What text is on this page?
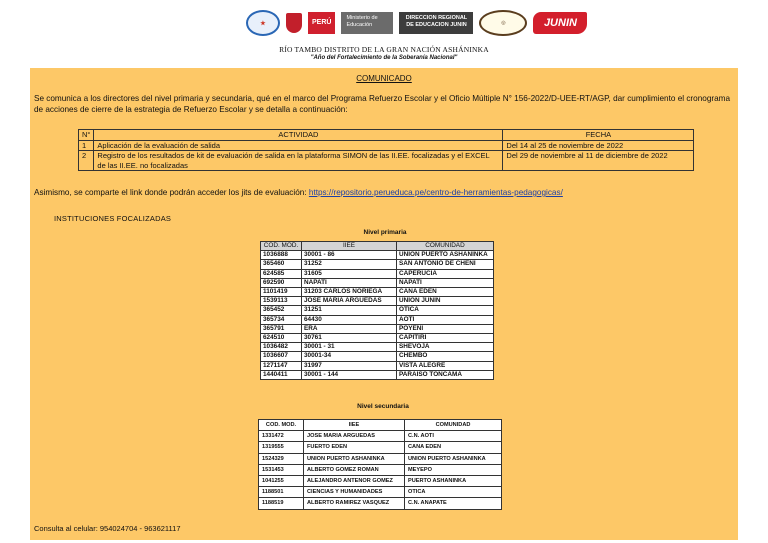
★	PERÚ
Ministerio de Educación
DIRECCION REGIONAL DE EDUCACION JUNIN	◎	JUNIN
RÍO TAMBO DISTRITO DE LA GRAN NACIÓN ASHÁNINKA
"Año del Fortalecimiento de la Soberanía Nacional"
COMUNICADO
Se comunica a los directores del nivel primaria y secundaria, qué en el marco del Programa Refuerzo Escolar y el Oficio Múltiple N° 156-2022/D-UEE-RT/AGP, dar cumplimiento el cronograma de acciones de cierre de la estrategia de Refuerzo Escolar y se detalla a continuación:
N°	ACTIVIDAD	FECHA
1	Aplicación de la evaluación de salida	Del 14 al 25 de noviembre de 2022
2	Registro de los resultados de kit de evaluación de salida en la plataforma SIMON de las II.EE. focalizadas y el EXCEL de las II.EE. no focalizadas	Del 29 de noviembre al 11 de diciembre de 2022
Asimismo, se comparte el link donde podrán acceder los jits de evaluación: https://repositorio.perueduca.pe/centro-de-herramientas-pedagogicas/
INSTITUCIONES FOCALIZADAS
Nivel primaria
COD. MOD.	IIEE	COMUNIDAD
1036888	30001 - 86	UNION PUERTO ASHANINKA
365460	31252	SAN ANTONIO DE CHENI
624585	31605	CAPERUCIA
692590	NAPATI	NAPATI
1101419	31203 CARLOS NORIEGA	CANA EDEN
1539113	JOSE MARIA ARGUEDAS	UNION JUNIN
365452	31251	OTICA
365734	64430	AOTI
365791	ERA	POYENI
624510	30761	CAPITIRI
1036482	30001 - 31	SHEVOJA
1036607	30001-34	CHEMBO
1271147	31997	VISTA ALEGRE
1440411	30001 - 144	PARAISO TONCAMA
Nivel secundaria
COD. MOD.	IIEE	COMUNIDAD
1331472	JOSE MARIA ARGUEDAS	C.N. AOTI
1319555	FUERTO EDEN	CANA EDEN
1524329	UNION PUERTO ASHANINKA	UNION PUERTO ASHANINKA
1531453	ALBERTO GOMEZ ROMAN	MEYEPO
1041255	ALEJANDRO ANTENOR GOMEZ	PUERTO ASHANINKA
1188501	CIENCIAS Y HUMANIDADES	OTICA
1188519	ALBERTO RAMIREZ VASQUEZ	C.N. ANAPATE
Consulta al celular: 954024704 - 963621117
